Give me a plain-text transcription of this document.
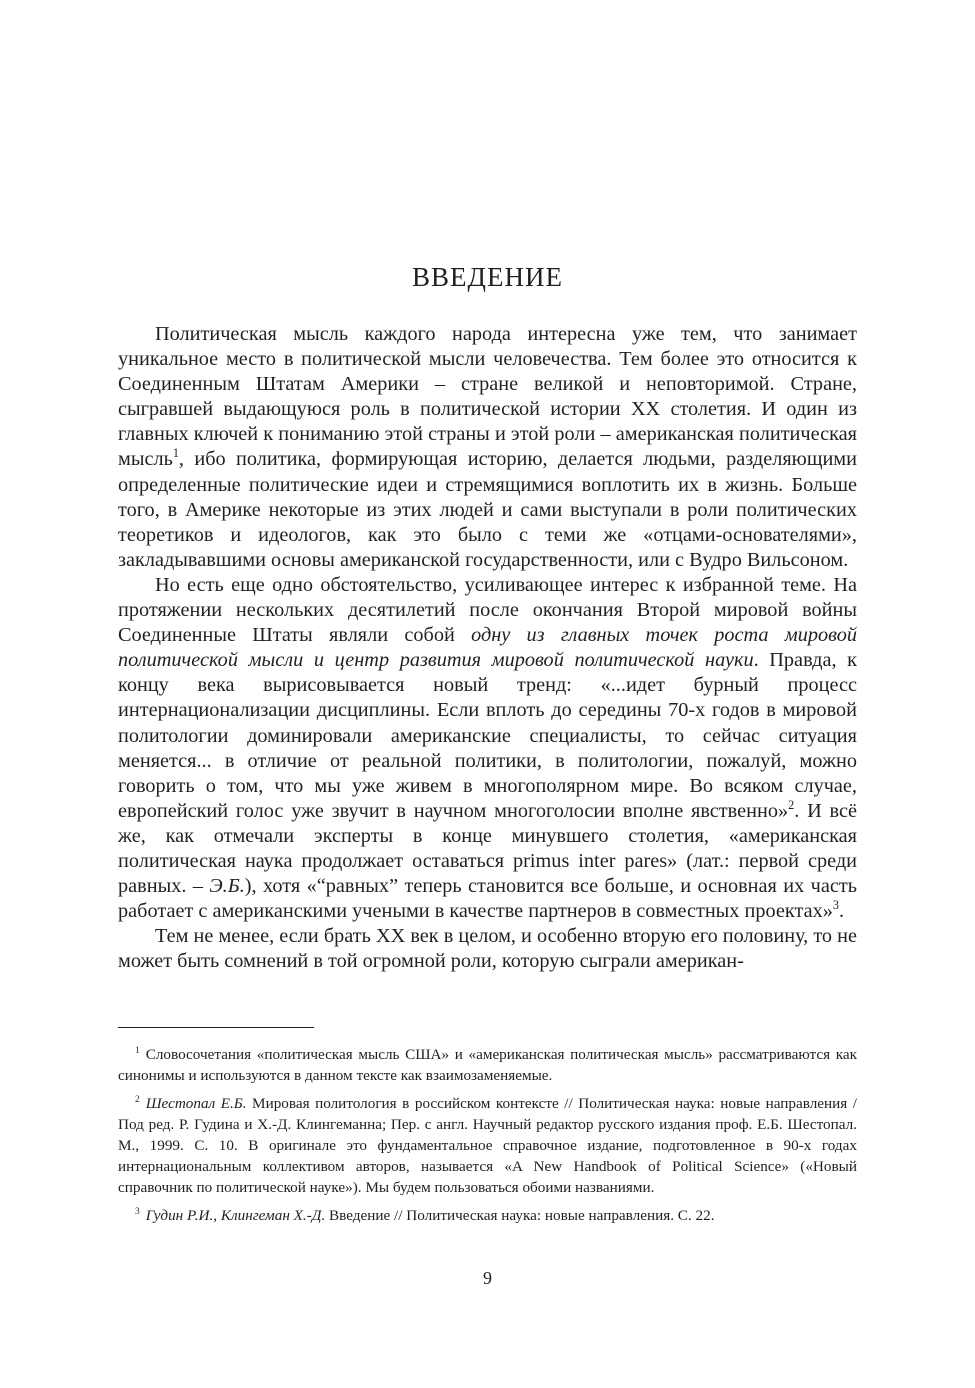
ВВЕДЕНИЕ

Политическая мысль каждого народа интересна уже тем, что занимает уникальное место в политической мысли человечества. Тем более это относится к Соединенным Штатам Америки – стране великой и неповторимой. Стране, сыгравшей выдающуюся роль в политической истории XX столетия. И один из главных ключей к пониманию этой страны и этой роли – американская политическая мысль$^1$, ибо политика, формирующая историю, делается людьми, разделяющими определенные политические идеи и стремящимися воплотить их в жизнь. Больше того, в Америке некоторые из этих людей и сами выступали в роли политических теоретиков и идеологов, как это было с теми же «отцами-основателями», закладывавшими основы американской государственности, или с Вудро Вильсоном.

Но есть еще одно обстоятельство, усиливающее интерес к избранной теме. На протяжении нескольких десятилетий после окончания Второй мировой войны Соединенные Штаты являли собой одну из главных точек роста мировой политической мысли и центр развития мировой политической науки. Правда, к концу века вырисовывается новый тренд: «...идет бурный процесс интернационализации дисциплины. Если вплоть до середины 70-х годов в мировой политологии доминировали американские специалисты, то сейчас ситуация меняется... в отличие от реальной политики, в политологии, пожалуй, можно говорить о том, что мы уже живем в многополярном мире. Во всяком случае, европейский голос уже звучит в научном многоголосии вполне явственно»$^2$. И всё же, как отмечали эксперты в конце минувшего столетия, «американская политическая наука продолжает оставаться primus inter pares» (лат.: первой среди равных. – Э.Б.), хотя «“равных” теперь становится все больше, и основная их часть работает с американскими учеными в качестве партнеров в совместных проектах»$^3$.

Тем не менее, если брать XX век в целом, и особенно вторую его половину, то не может быть сомнений в той огромной роли, которую сыграли американ-

$^1$ Словосочетания «политическая мысль США» и «американская политическая мысль» рассматриваются как синонимы и используются в данном тексте как взаимозаменяемые.

$^2$ Шестопал Е.Б. Мировая политология в российском контексте // Политическая наука: новые направления / Под ред. Р. Гудина и Х.-Д. Клингеманна; Пер. с англ. Научный редактор русского издания проф. Е.Б. Шестопал. М., 1999. С. 10. В оригинале это фундаментальное справочное издание, подготовленное в 90-х годах интернациональным коллективом авторов, называется «A New Handbook of Political Science» («Новый справочник по политической науке»). Мы будем пользоваться обоими названиями.

$^3$ Гудин Р.И., Клингеман Х.-Д. Введение // Политическая наука: новые направления. С. 22.

9
